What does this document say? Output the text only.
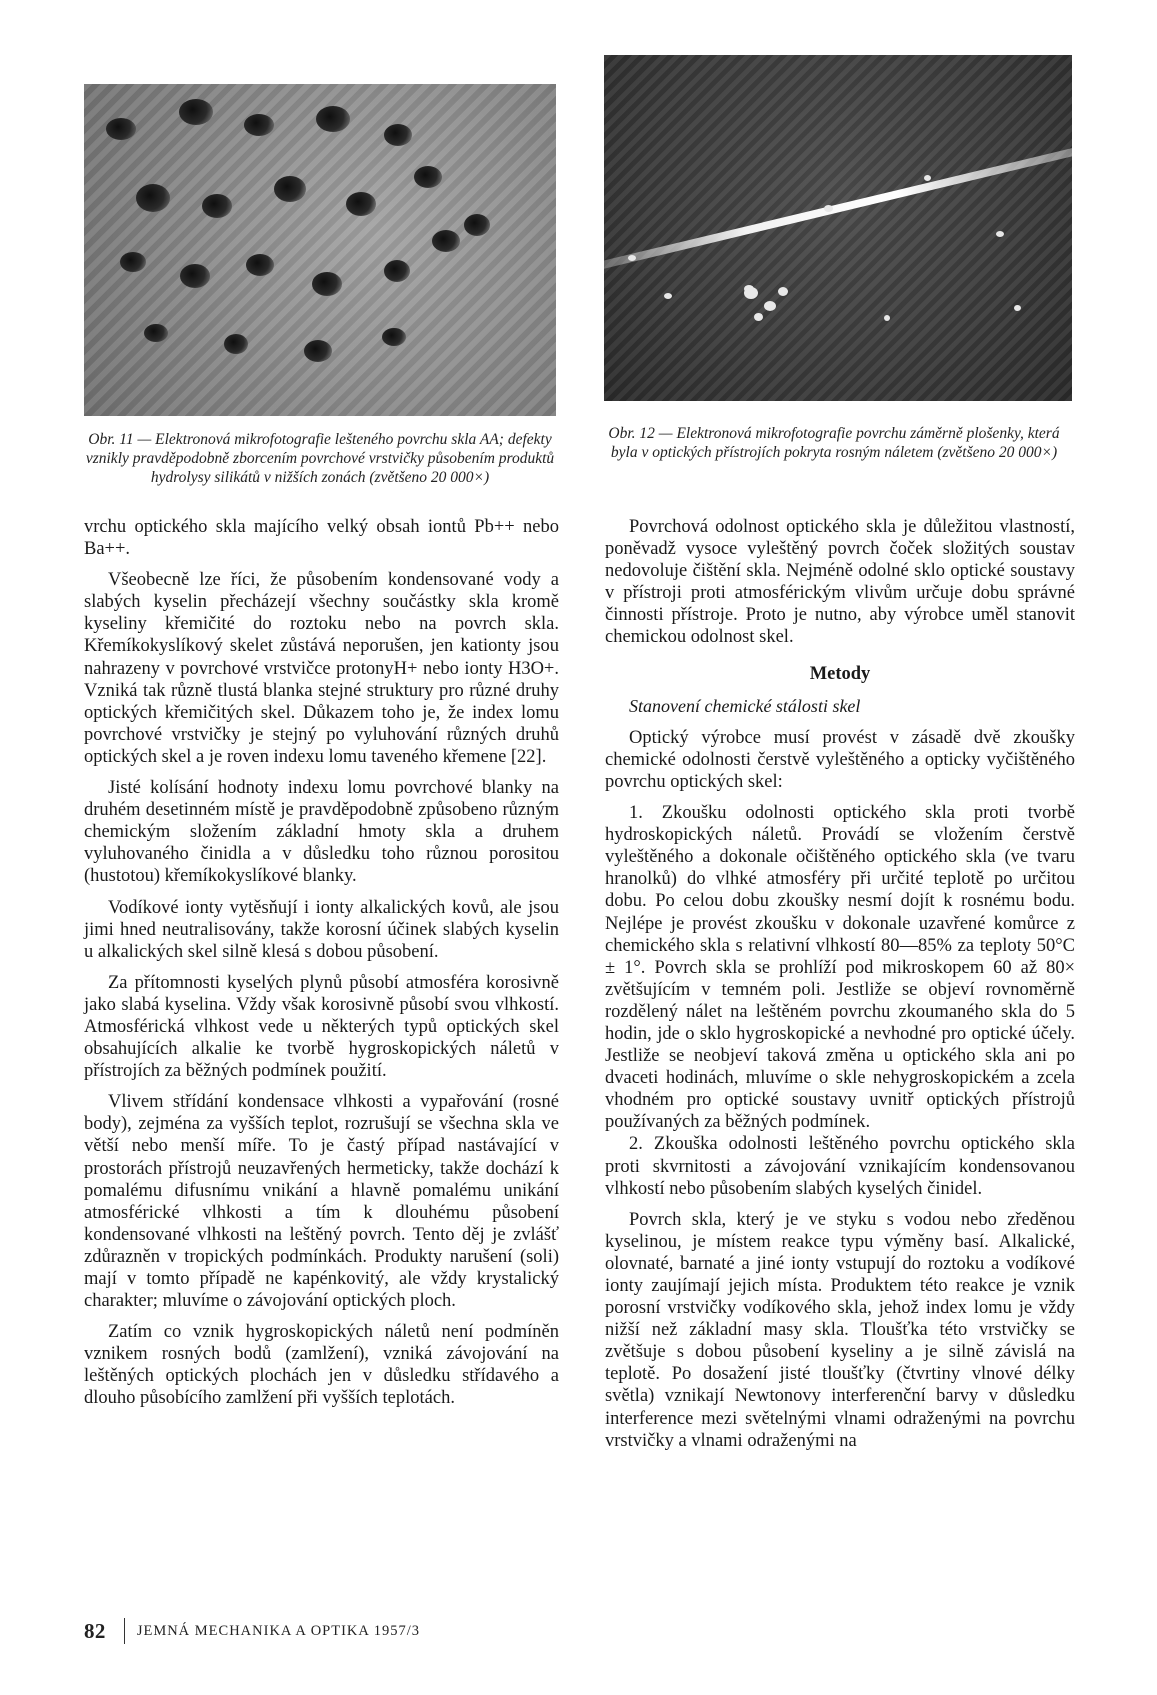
Obr. 11 — Elektronová mikrofotografie lešteného povrchu skla AA; defekty vznikly pravděpodobně zborcením povrchové vrstvičky působením produktů hydrolysy silikátů v nižších zonách (zvětšeno 20 000×)
Obr. 12 — Elektronová mikrofotografie povrchu záměrně plošenky, která byla v optických přístrojích pokryta rosným náletem (zvětšeno 20 000×)

vrchu optického skla majícího velký obsah iontů Pb++ nebo Ba++.

Všeobecně lze říci, že působením kondensované vody a slabých kyselin přecházejí všechny součástky skla kromě kyseliny křemičité do roztoku nebo na povrch skla. Křemíkokyslíkový skelet zůstává neporušen, jen kationty jsou nahrazeny v povrchové vrstvičce protonyH+ nebo ionty H3O+. Vzniká tak různě tlustá blanka stejné struktury pro různé druhy optických křemičitých skel. Důkazem toho je, že index lomu povrchové vrstvičky je stejný po vyluhování různých druhů optických skel a je roven indexu lomu taveného křemene [22].

Jisté kolísání hodnoty indexu lomu povrchové blanky na druhém desetinném místě je pravděpodobně způsobeno různým chemickým složením základní hmoty skla a druhem vyluhovaného činidla a v důsledku toho různou porositou (hustotou) křemíkokyslíkové blanky.

Vodíkové ionty vytěsňují i ionty alkalických kovů, ale jsou jimi hned neutralisovány, takže korosní účinek slabých kyselin u alkalických skel silně klesá s dobou působení.

Za přítomnosti kyselých plynů působí atmosféra korosivně jako slabá kyselina. Vždy však korosivně působí svou vlhkostí. Atmosférická vlhkost vede u některých typů optických skel obsahujících alkalie ke tvorbě hygroskopických náletů v přístrojích za běžných podmínek použití.

Vlivem střídání kondensace vlhkosti a vypařování (rosné body), zejména za vyšších teplot, rozrušují se všechna skla ve větší nebo menší míře. To je častý případ nastávající v prostorách přístrojů neuzavřených hermeticky, takže dochází k pomalému difusnímu vnikání a hlavně pomalému unikání atmosférické vlhkosti a tím k dlouhému působení kondensované vlhkosti na leštěný povrch. Tento děj je zvlášť zdůrazněn v tropických podmínkách. Produkty narušení (soli) mají v tomto případě ne kapénkovitý, ale vždy krystalický charakter; mluvíme o závojování optických ploch.

Zatím co vznik hygroskopických náletů není podmíněn vznikem rosných bodů (zamlžení), vzniká závojování na leštěných optických plochách jen v důsledku střídavého a dlouho působícího zamlžení při vyšších teplotách.

Povrchová odolnost optického skla je důležitou vlastností, poněvadž vysoce vyleštěný povrch čoček složitých soustav nedovoluje čištění skla. Nejméně odolné sklo optické soustavy v přístroji proti atmosférickým vlivům určuje dobu správné činnosti přístroje. Proto je nutno, aby výrobce uměl stanovit chemickou odolnost skel.

Metody
Stanovení chemické stálosti skel

Optický výrobce musí provést v zásadě dvě zkoušky chemické odolnosti čerstvě vyleštěného a opticky vyčištěného povrchu optických skel:

1. Zkoušku odolnosti optického skla proti tvorbě hydroskopických náletů. Provádí se vložením čerstvě vyleštěného a dokonale očištěného optického skla (ve tvaru hranolků) do vlhké atmosféry při určité teplotě po určitou dobu. Po celou dobu zkoušky nesmí dojít k rosnému bodu. Nejlépe je provést zkoušku v dokonale uzavřené komůrce z chemického skla s relativní vlhkostí 80—85% za teploty 50°C ± 1°. Povrch skla se prohlíží pod mikroskopem 60 až 80× zvětšujícím v temném poli. Jestliže se objeví rovnoměrně rozdělený nálet na leštěném povrchu zkoumaného skla do 5 hodin, jde o sklo hygroskopické a nevhodné pro optické účely. Jestliže se neobjeví taková změna u optického skla ani po dvaceti hodinách, mluvíme o skle nehygroskopickém a zcela vhodném pro optické soustavy uvnitř optických přístrojů používaných za běžných podmínek.

2. Zkouška odolnosti leštěného povrchu optického skla proti skvrnitosti a závojování vznikajícím kondensovanou vlhkostí nebo působením slabých kyselých činidel.

Povrch skla, který je ve styku s vodou nebo zředěnou kyselinou, je místem reakce typu výměny basí. Alkalické, olovnaté, barnaté a jiné ionty vstupují do roztoku a vodíkové ionty zaujímají jejich místa. Produktem této reakce je vznik porosní vrstvičky vodíkového skla, jehož index lomu je vždy nižší než základní masy skla. Tloušťka této vrstvičky se zvětšuje s dobou působení kyseliny a je silně závislá na teplotě. Po dosažení jisté tloušťky (čtvrtiny vlnové délky světla) vznikají Newtonovy interferenční barvy v důsledku interference mezi světelnými vlnami odraženými na povrchu vrstvičky a vlnami odraženými na

82 JEMNÁ MECHANIKA A OPTIKA 1957/3
